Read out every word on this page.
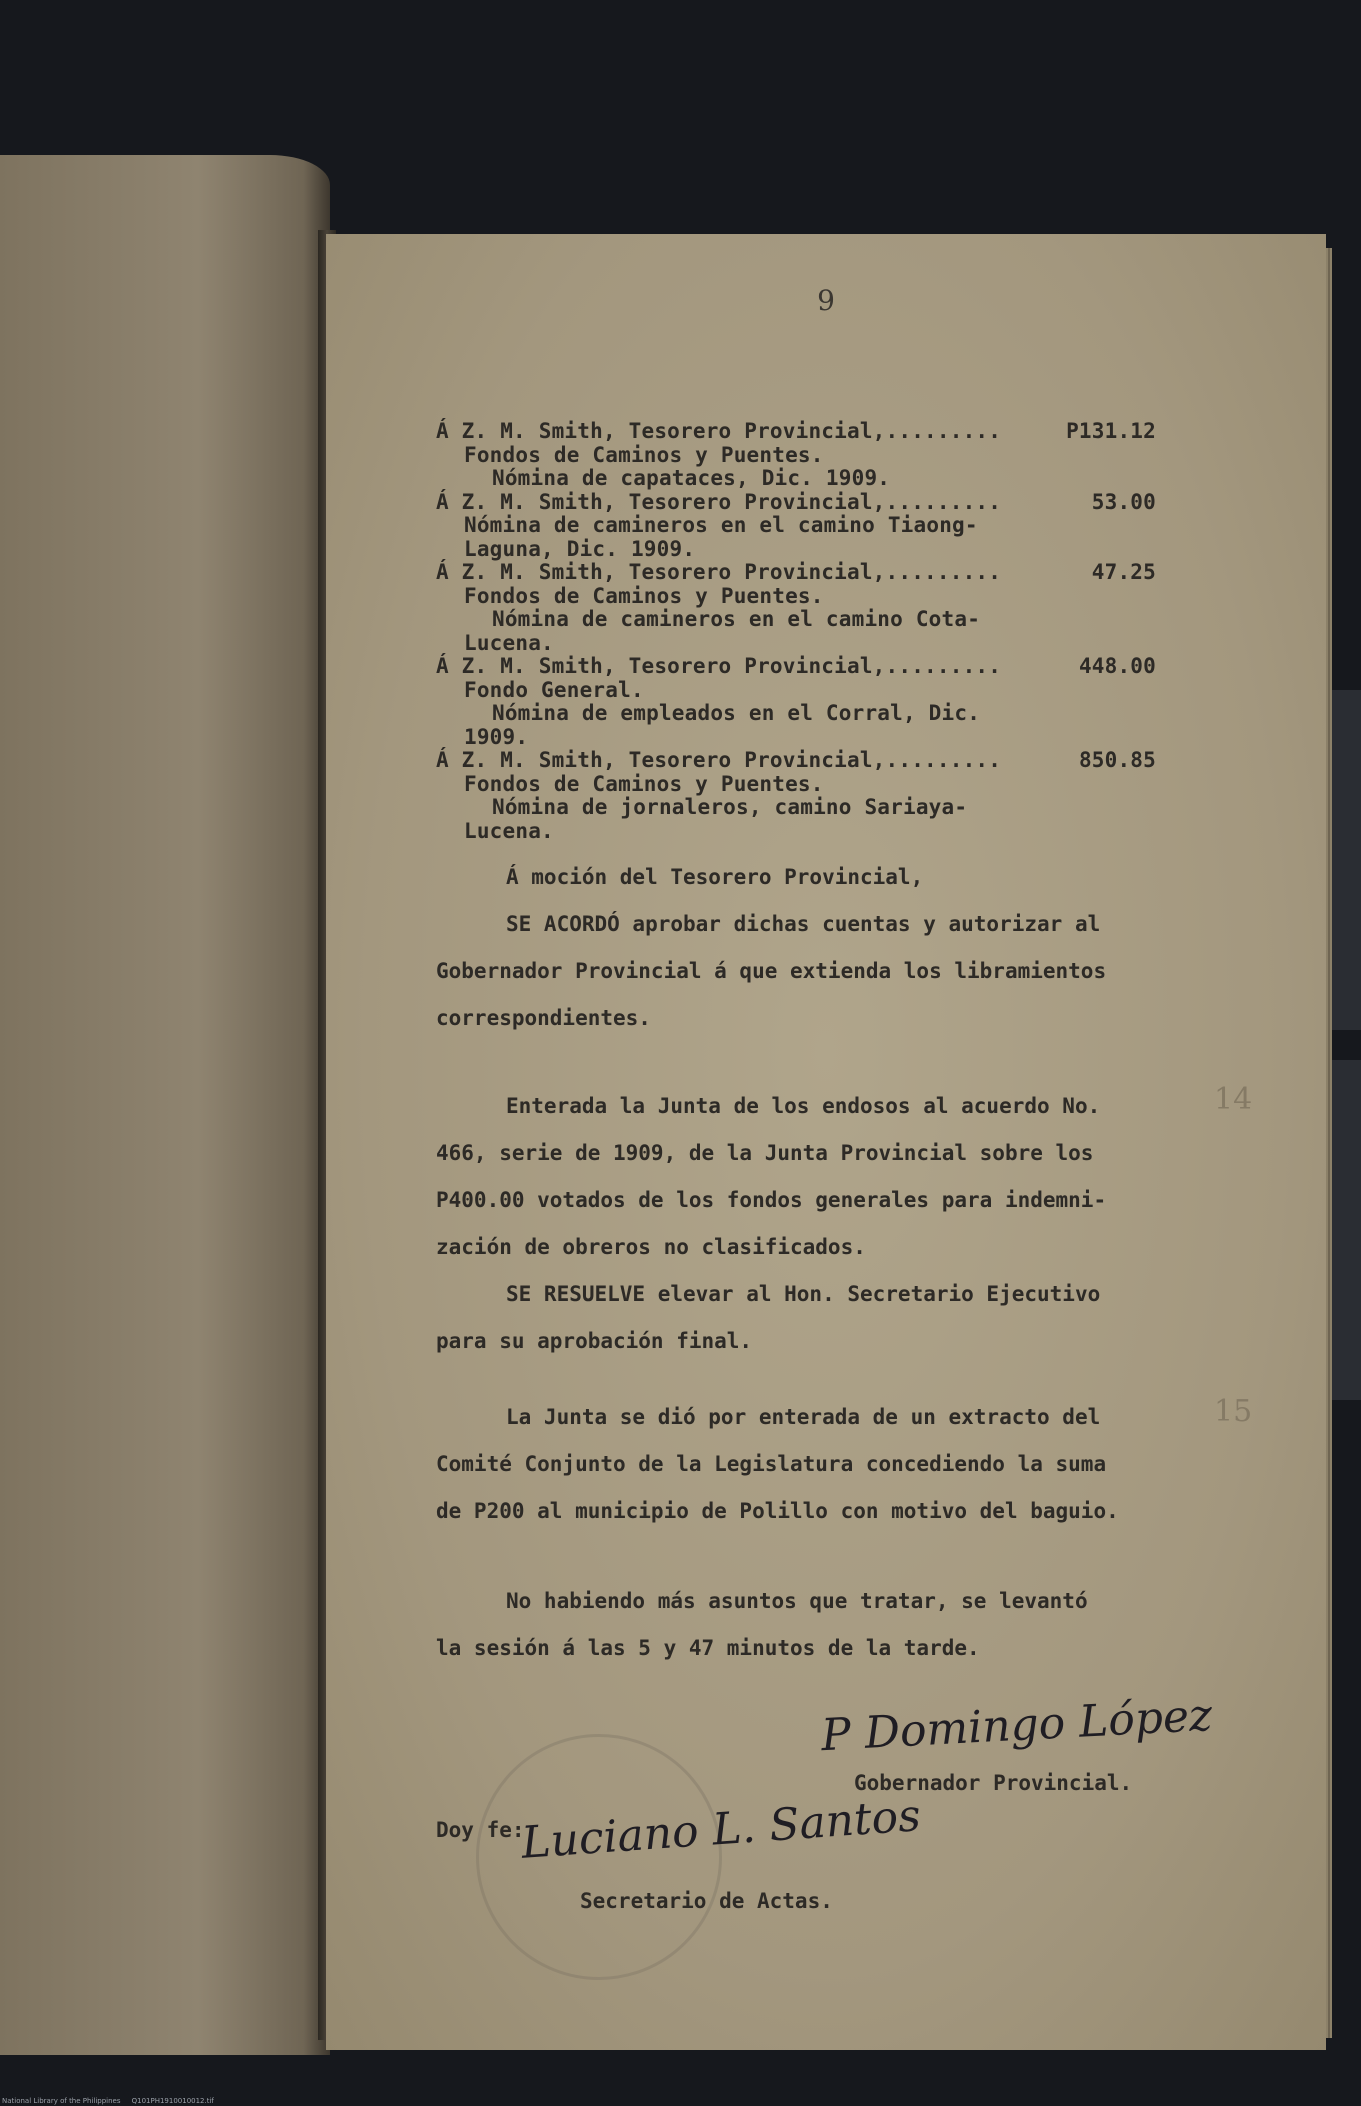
9
Á Z. M. Smith, Tesorero Provincial,.........	P131.12
Fondos de Caminos y Puentes.
Nómina de capataces, Dic. 1909.
Á Z. M. Smith, Tesorero Provincial,.........	53.00
Nómina de camineros en el camino Tiaong-
Laguna, Dic. 1909.
Á Z. M. Smith, Tesorero Provincial,.........	47.25
Fondos de Caminos y Puentes.
Nómina de camineros en el camino Cota-
Lucena.
Á Z. M. Smith, Tesorero Provincial,.........	448.00
Fondo General.
Nómina de empleados en el Corral, Dic.
1909.
Á Z. M. Smith, Tesorero Provincial,.........	850.85
Fondos de Caminos y Puentes.
Nómina de jornaleros, camino Sariaya-
Lucena.
Á moción del Tesorero Provincial,
SE ACORDÓ aprobar dichas cuentas y autorizar al
Gobernador Provincial á que extienda los libramientos
correspondientes.
14
Enterada la Junta de los endosos al acuerdo No.
466, serie de 1909, de la Junta Provincial sobre los
P400.00 votados de los fondos generales para indemni-
zación de obreros no clasificados.
SE RESUELVE elevar al Hon. Secretario Ejecutivo
para su aprobación final.
15
La Junta se dió por enterada de un extracto del
Comité Conjunto de la Legislatura concediendo la suma
de P200 al municipio de Polillo con motivo del baguio.
No habiendo más asuntos que tratar, se levantó
la sesión á las 5 y 47 minutos de la tarde.
P Domingo López
Gobernador Provincial.
Doy fe:
Luciano L. Santos
Secretario de Actas.
National Library of the Philippines     Q101PH1910010012.tif
